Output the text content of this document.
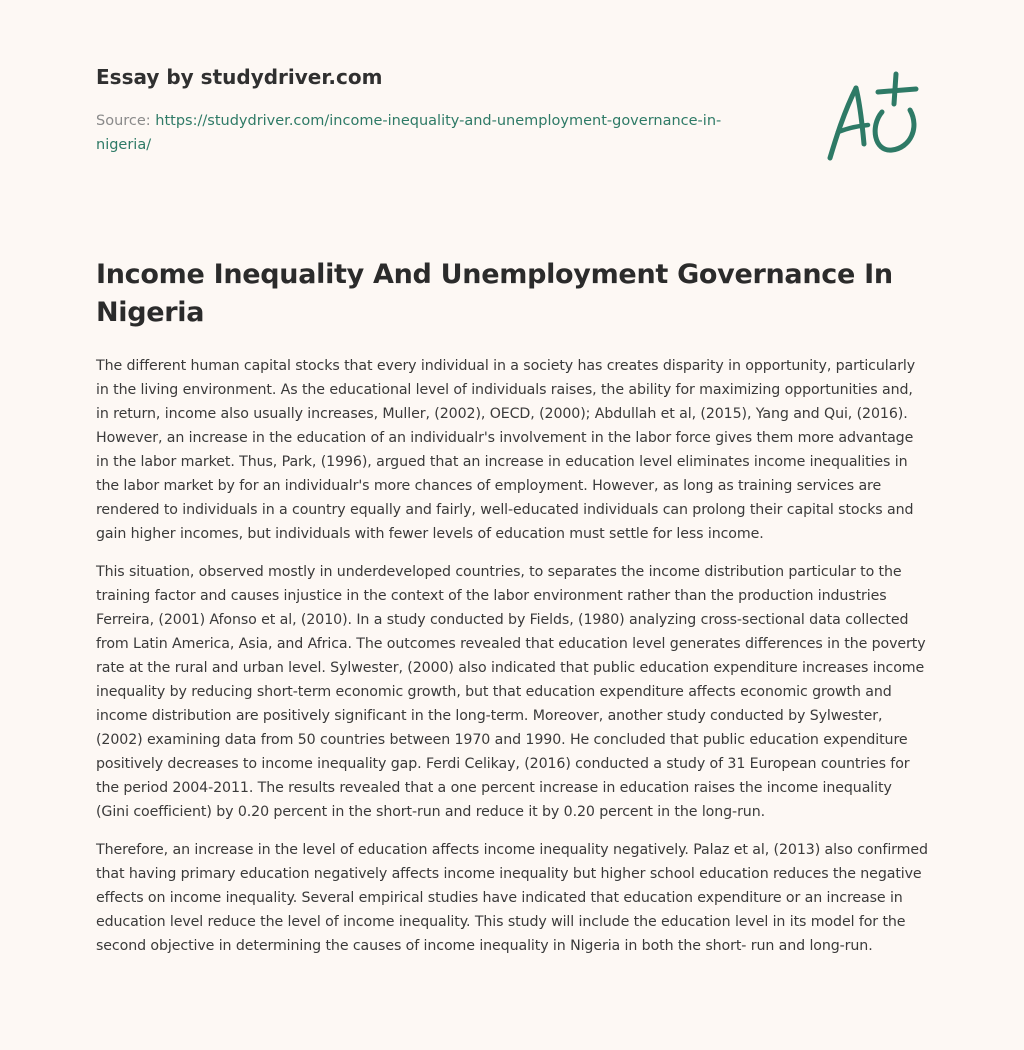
Essay by studydriver.com
Source: https://studydriver.com/income-inequality-and-unemployment-governance-in-nigeria/
Income Inequality And Unemployment Governance In Nigeria

The different human capital stocks that every individual in a society has creates disparity in opportunity, particularly in the living environment. As the educational level of individuals raises, the ability for maximizing opportunities and, in return, income also usually increases, Muller, (2002), OECD, (2000); Abdullah et al, (2015), Yang and Qui, (2016). However, an increase in the education of an individualr's involvement in the labor force gives them more advantage in the labor market. Thus, Park, (1996), argued that an increase in education level eliminates income inequalities in the labor market by for an individualr's more chances of employment. However, as long as training services are rendered to individuals in a country equally and fairly, well-educated individuals can prolong their capital stocks and gain higher incomes, but individuals with fewer levels of education must settle for less income.

This situation, observed mostly in underdeveloped countries, to separates the income distribution particular to the training factor and causes injustice in the context of the labor environment rather than the production industries Ferreira, (2001) Afonso et al, (2010). In a study conducted by Fields, (1980) analyzing cross-sectional data collected from Latin America, Asia, and Africa. The outcomes revealed that education level generates differences in the poverty rate at the rural and urban level. Sylwester, (2000) also indicated that public education expenditure increases income inequality by reducing short-term economic growth, but that education expenditure affects economic growth and income distribution are positively significant in the long-term. Moreover, another study conducted by Sylwester, (2002) examining data from 50 countries between 1970 and 1990. He concluded that public education expenditure positively decreases to income inequality gap. Ferdi Celikay, (2016) conducted a study of 31 European countries for the period 2004-2011. The results revealed that a one percent increase in education raises the income inequality (Gini coefficient) by 0.20 percent in the short-run and reduce it by 0.20 percent in the long-run.

Therefore, an increase in the level of education affects income inequality negatively. Palaz et al, (2013) also confirmed that having primary education negatively affects income inequality but higher school education reduces the negative effects on income inequality. Several empirical studies have indicated that education expenditure or an increase in education level reduce the level of income inequality. This study will include the education level in its model for the second objective in determining the causes of income inequality in Nigeria in both the short- run and long-run.
